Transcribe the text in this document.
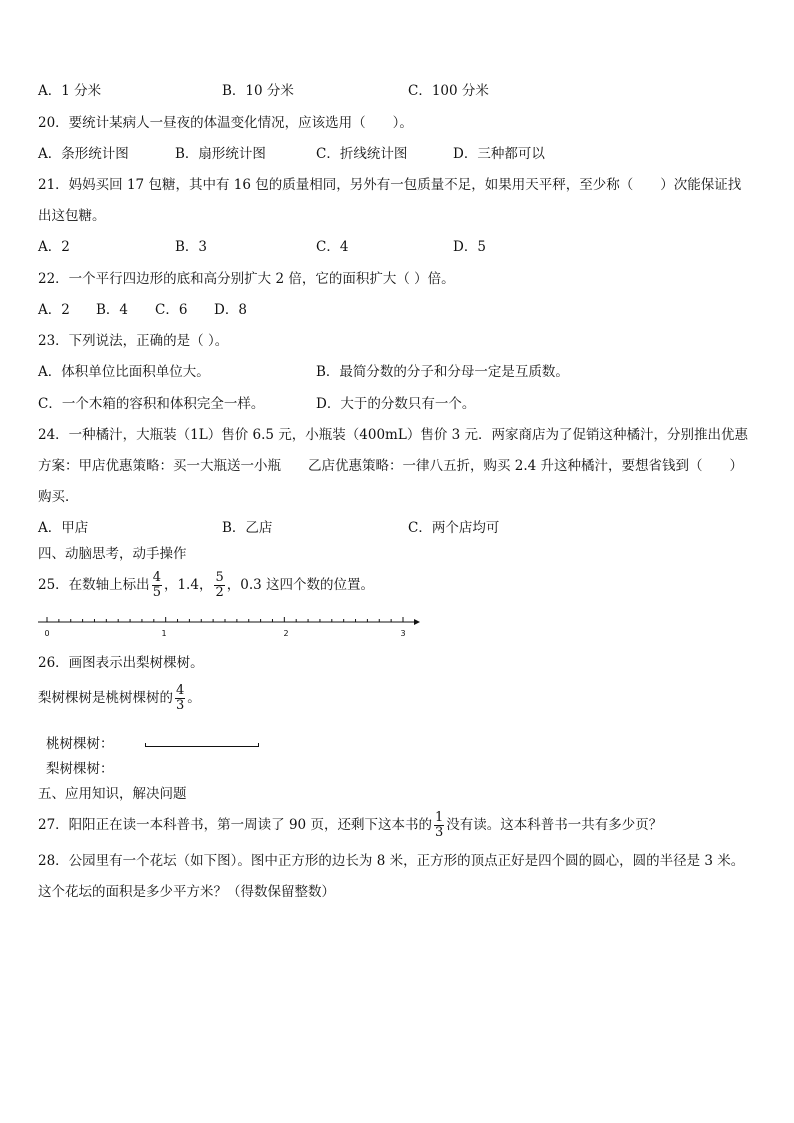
A．1 分米	B．10 分米	C．100 分米
20．要统计某病人一昼夜的体温变化情况，应该选用（　　）。
A．条形统计图	B．扇形统计图	C．折线统计图	D．三种都可以
21．妈妈买回 17 包糖，其中有 16 包的质量相同，另外有一包质量不足，如果用天平秤，至少称（　　）次能保证找
出这包糖。
A．2	B．3	C．4	D．5
22．一个平行四边形的底和高分别扩大 2 倍，它的面积扩大（ ）倍。
A．2 B．4 C．6 D．8
23．下列说法，正确的是（ ）。
A．体积单位比面积单位大。	B．最简分数的分子和分母一定是互质数。
C．一个木箱的容积和体积完全一样。	D．大于的分数只有一个。
24．一种橘汁，大瓶装（1L）售价 6.5 元，小瓶装（400mL）售价 3 元．两家商店为了促销这种橘汁，分别推出优惠
方案：甲店优惠策略：买一大瓶送一小瓶　　乙店优惠策略：一律八五折，购买 2.4 升这种橘汁，要想省钱到（　　）
购买．
A．甲店	B．乙店	C．两个店均可
四、动脑思考，动手操作
25．在数轴上标出 $\frac{4}{5}$ ，1.4， $\frac{5}{2}$ ，0.3 这四个数的位置。
0	1	2	3
26．画图表示出梨树棵树。
梨树棵树是桃树棵树的 $\frac{4}{3}$ 。
桃树棵树：
梨树棵树：
五、应用知识，解决问题
27．阳阳正在读一本科普书，第一周读了 90 页，还剩下这本书的 $\frac{1}{3}$ 没有读。这本科普书一共有多少页？
28．公园里有一个花坛（如下图）。图中正方形的边长为 8 米，正方形的顶点正好是四个圆的圆心，圆的半径是 3 米。
这个花坛的面积是多少平方米？（得数保留整数）
